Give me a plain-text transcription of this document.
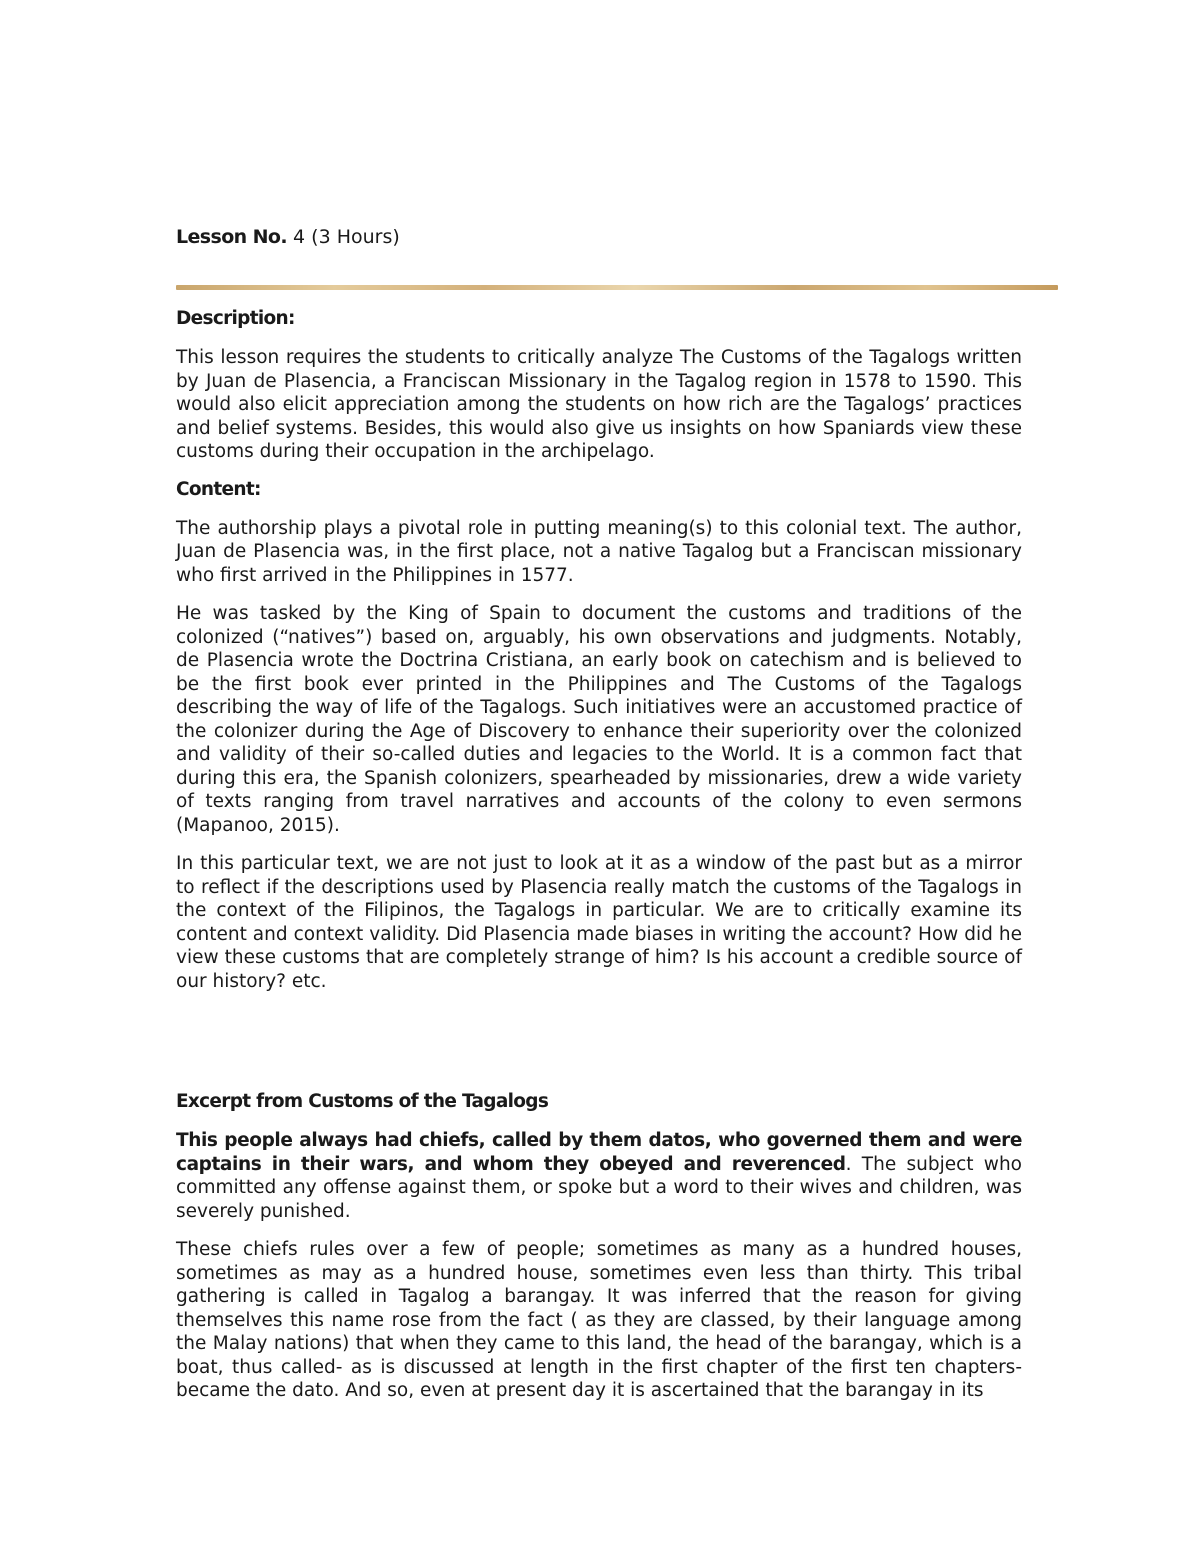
Lesson No. 4 (3 Hours)
Description:

This lesson requires the students to critically analyze The Customs of the Tagalogs written by Juan de Plasencia, a Franciscan Missionary in the Tagalog region in 1578 to 1590. This would also elicit appreciation among the students on how rich are the Tagalogs’ practices and belief systems. Besides, this would also give us insights on how Spaniards view these customs during their occupation in the archipelago.

Content:

The authorship plays a pivotal role in putting meaning(s) to this colonial text. The author, Juan de Plasencia was, in the first place, not a native Tagalog but a Franciscan missionary who first arrived in the Philippines in 1577.

He was tasked by the King of Spain to document the customs and traditions of the colonized (“natives”) based on, arguably, his own observations and judgments. Notably, de Plasencia wrote the Doctrina Cristiana, an early book on catechism and is believed to be the first book ever printed in the Philippines and The Customs of the Tagalogs describing the way of life of the Tagalogs. Such initiatives were an accustomed practice of the colonizer during the Age of Discovery to enhance their superiority over the colonized and validity of their so-called duties and legacies to the World. It is a common fact that during this era, the Spanish colonizers, spearheaded by missionaries, drew a wide variety of texts ranging from travel narratives and accounts of the colony to even sermons (Mapanoo, 2015).

In this particular text, we are not just to look at it as a window of the past but as a mirror to reflect if the descriptions used by Plasencia really match the customs of the Tagalogs in the context of the Filipinos, the Tagalogs in particular. We are to critically examine its content and context validity. Did Plasencia made biases in writing the account? How did he view these customs that are completely strange of him? Is his account a credible source of our history? etc.

Excerpt from Customs of the Tagalogs

This people always had chiefs, called by them datos, who governed them and were captains in their wars, and whom they obeyed and reverenced. The subject who committed any offense against them, or spoke but a word to their wives and children, was severely punished.

These chiefs rules over a few of people; sometimes as many as a hundred houses, sometimes as may as a hundred house, sometimes even less than thirty. This tribal gathering is called in Tagalog a barangay. It was inferred that the reason for giving themselves this name rose from the fact ( as they are classed, by their language among the Malay nations) that when they came to this land, the head of the barangay, which is a boat, thus called- as is discussed at length in the first chapter of the first ten chapters- became the dato. And so, even at present day it is ascertained that the barangay in its
